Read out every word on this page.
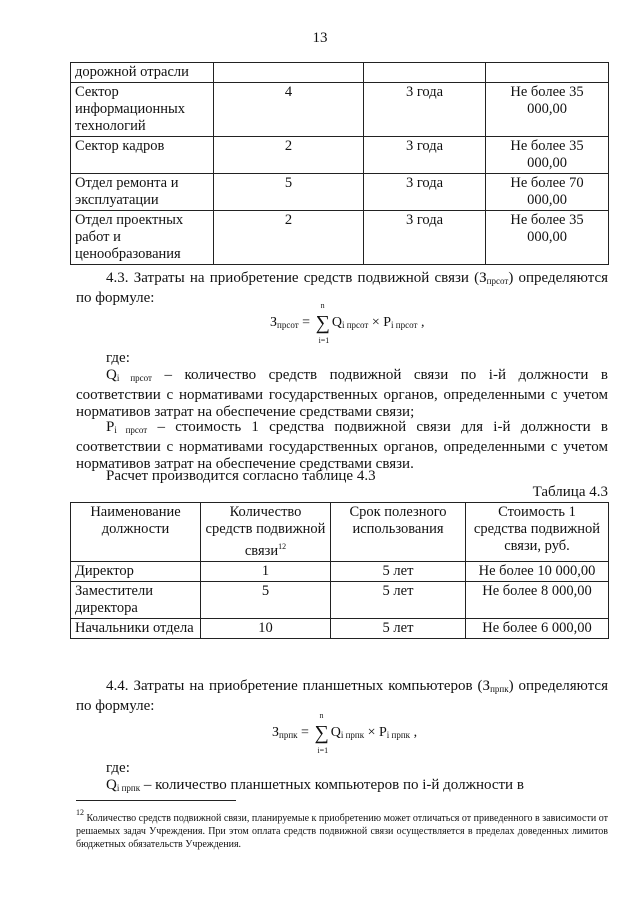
13
дорожной отрасли			
Сектор информационных технологий	4	3 года	Не более 35 000,00
Сектор кадров	2	3 года	Не более 35 000,00
Отдел ремонта и эксплуатации	5	3 года	Не более 70 000,00
Отдел проектных работ и ценообразования	2	3 года	Не более 35 000,00

4.3. Затраты на приобретение средств подвижной связи $(З_{прсот})$ определяются по формуле:

$З_{прсот}$ = ∑
n
i=1
$Q_{i прсот} \times P_{i прсот}$ ,

где:

$Q_{i прсот}$ – количество средств подвижной связи по i-й должности в соответствии с нормативами государственных органов, определенными с учетом нормативов затрат на обеспечение средствами связи;

$P_{i прсот}$ – стоимость 1 средства подвижной связи для i-й должности в соответствии с нормативами государственных органов, определенными с учетом нормативов затрат на обеспечение средствами связи.

Расчет производится согласно таблице 4.3

Таблица 4.3
Наименование должности	Количество средств подвижной связи$^{12}$	Срок полезного использования	Стоимость 1 средства подвижной связи, руб.
Директор	1	5 лет	Не более 10 000,00
Заместители директора	5	5 лет	Не более 8 000,00
Начальники отдела	10	5 лет	Не более 6 000,00

4.4. Затраты на приобретение планшетных компьютеров $(З_{прпк})$ определяются по формуле:

$З_{прпк}$ = ∑
n
i=1
$Q_{i прпк} \times P_{i прпк}$ ,

где:

$Q_{i прпк}$ – количество планшетных компьютеров по i-й должности в

$^{12}$ Количество средств подвижной связи, планируемые к приобретению может отличаться от приведенного в зависимости от решаемых задач Учреждения. При этом оплата средств подвижной связи осуществляется в пределах доведенных лимитов бюджетных обязательств Учреждения.
